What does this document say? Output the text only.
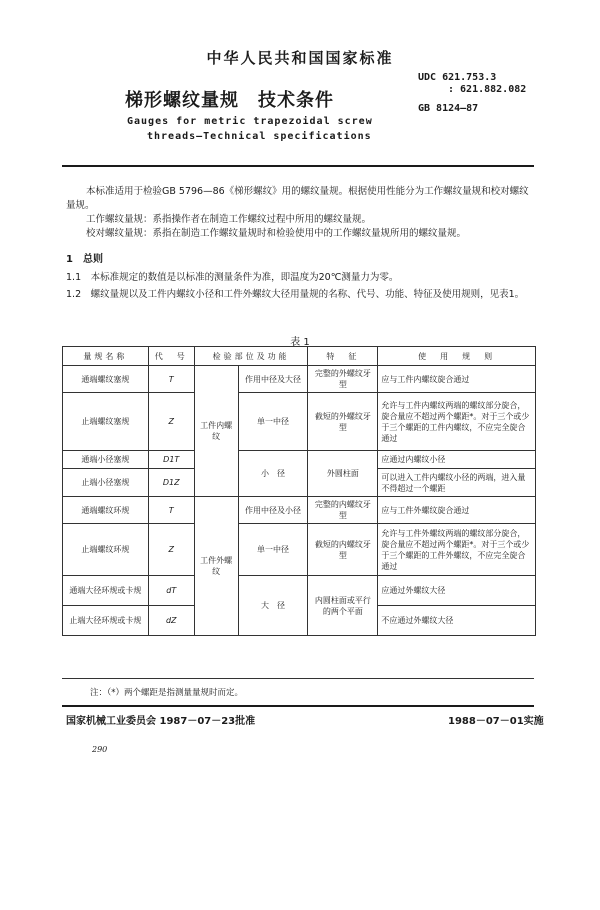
中华人民共和国国家标准
UDC 621.753.3
: 621.882.082
GB 8124—87
梯形螺纹量规　技术条件
Gauges for metric trapezoidal screw
threads—Technical specifications

本标准适用于检验GB 5796—86《梯形螺纹》用的螺纹量规。根据使用性能分为工作螺纹量规和校对螺纹量规。

工作螺纹量规：系指操作者在制造工作螺纹过程中所用的螺纹量规。

校对螺纹量规：系指在制造工作螺纹量规时和检验使用中的工作螺纹量规所用的螺纹量规。

1　总则
1.1　本标准规定的数值是以标准的测量条件为准，即温度为20℃测量力为零。
1.2　螺纹量规以及工件内螺纹小径和工件外螺纹大径用量规的名称、代号、功能、特征及使用规则，见表1。
表 1
量规名称	代　号	检验部位及功能		特　征	使　用　规　则
通端螺纹塞规	T	工件内螺纹	作用中径及大径	完整的外螺纹牙型	应与工件内螺纹旋合通过
止端螺纹塞规	Z		单一中径	截短的外螺纹牙型	允许与工件内螺纹两端的螺纹部分旋合，旋合量应不超过两个螺距*。对于三个或少于三个螺距的工件内螺纹，不应完全旋合通过
通端小径塞规	D1T		小　径	外圆柱面	应通过内螺纹小径
止端小径塞规	D1Z				可以进入工件内螺纹小径的两端，进入量不得超过一个螺距
通端螺纹环规	T	工件外螺纹	作用中径及小径	完整的内螺纹牙型	应与工件外螺纹旋合通过
止端螺纹环规	Z		单一中径	截短的内螺纹牙型	允许与工件外螺纹两端的螺纹部分旋合，旋合量应不超过两个螺距*。对于三个或少于三个螺距的工件外螺纹，不应完全旋合通过
通端大径环规或卡规	dT		大　径	内圆柱面或平行的两个平面	应通过外螺纹大径
止端大径环规或卡规	dZ				不应通过外螺纹大径
注：（*）两个螺距是指测量量规时而定。
国家机械工业委员会 1987－07－23批准	1988－07－01实施
290
